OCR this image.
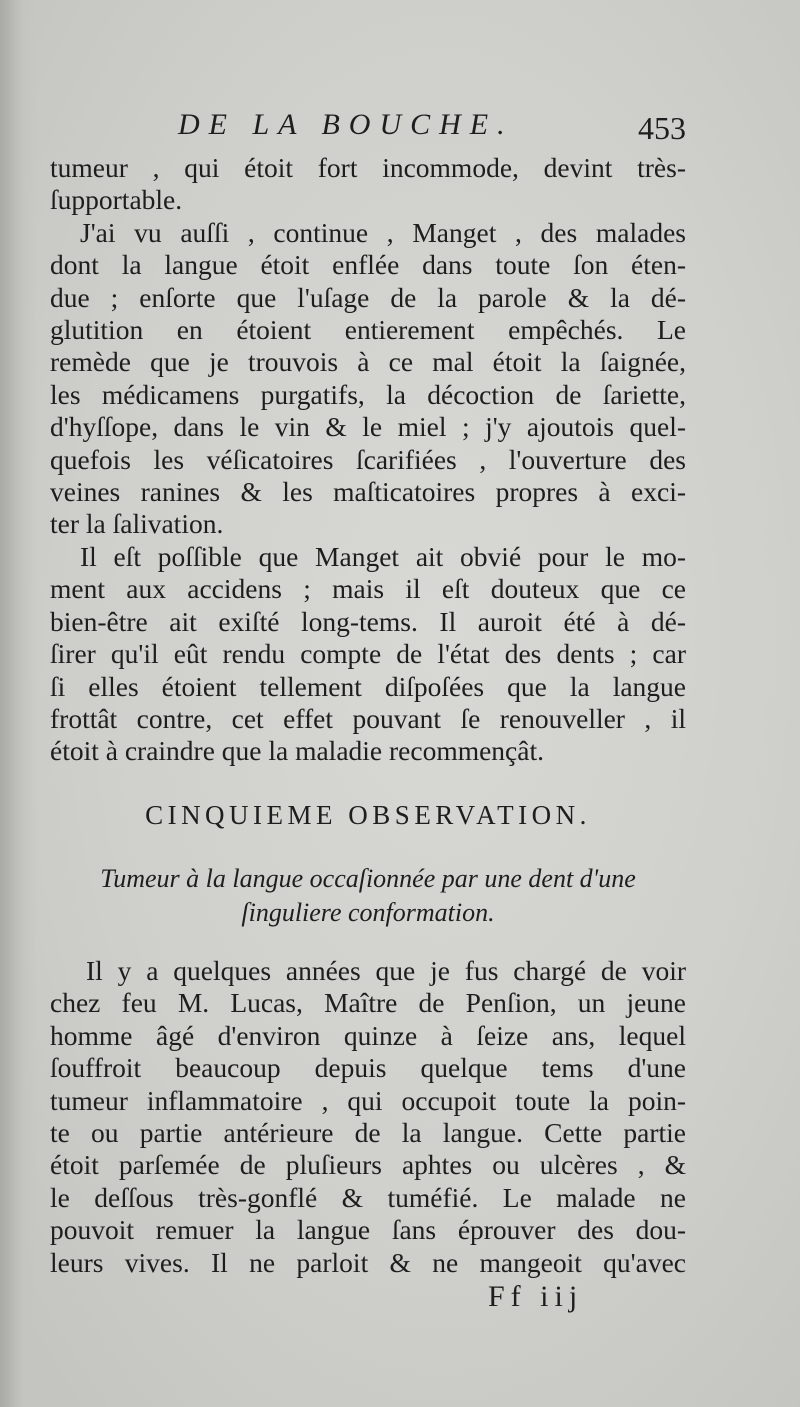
DE LA BOUCHE.	453

tumeur , qui étoit fort incommode, devint très-
ſupportable.

J'ai vu auſſi , continue , Manget , des malades
dont la langue étoit enflée dans toute ſon éten-
due ; enſorte que l'uſage de la parole & la dé-
glutition en étoient entierement empêchés. Le
remède que je trouvois à ce mal étoit la ſaignée,
les médicamens purgatifs, la décoction de ſariette,
d'hyſſope, dans le vin & le miel ; j'y ajoutois quel-
quefois les véſicatoires ſcarifiées , l'ouverture des
veines ranines & les maſticatoires propres à exci-
ter la ſalivation.

Il eſt poſſible que Manget ait obvié pour le mo-
ment aux accidens ; mais il eſt douteux que ce
bien-être ait exiſté long-tems. Il auroit été à dé-
ſirer qu'il eût rendu compte de l'état des dents ; car
ſi elles étoient tellement diſpoſées que la langue
frottât contre, cet effet pouvant ſe renouveller , il
étoit à craindre que la maladie recommençât.

CINQUIEME OBSERVATION.
Tumeur à la langue occaſionnée par une dent d'une
ſinguliere conformation.

Il y a quelques années que je fus chargé de voir
chez feu M. Lucas, Maître de Penſion, un jeune
homme âgé d'environ quinze à ſeize ans, lequel
ſouffroit beaucoup depuis quelque tems d'une
tumeur inflammatoire , qui occupoit toute la poin-
te ou partie antérieure de la langue. Cette partie
étoit parſemée de pluſieurs aphtes ou ulcères , &
le deſſous très-gonflé & tuméfié. Le malade ne
pouvoit remuer la langue ſans éprouver des dou-
leurs vives. Il ne parloit & ne mangeoit qu'avec

Ff iij
